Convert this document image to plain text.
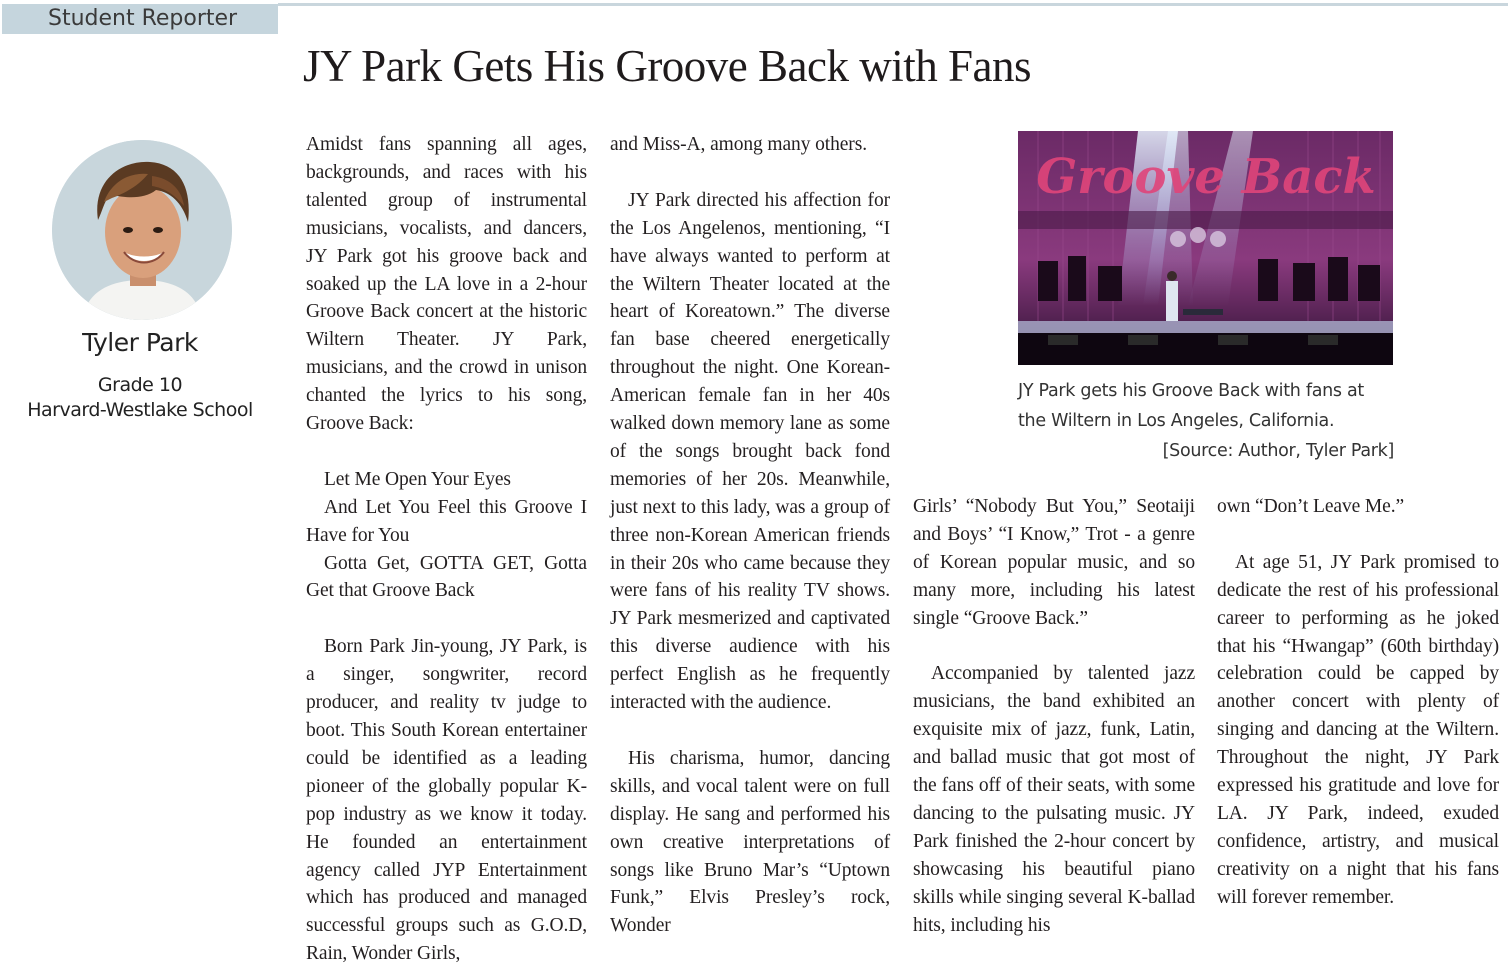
Student Reporter
JY Park Gets His Groove Back with Fans
Tyler Park
Grade 10
Harvard-Westlake School

Amidst fans spanning all ages, backgrounds, and races with his talented group of instrumental musicians, vocalists, and dancers, JY Park got his groove back and soaked up the LA love in a 2-hour Groove Back concert at the historic Wiltern Theater. JY Park, musicians, and the crowd in unison chanted the lyrics to his song, Groove Back:

Let Me Open Your Eyes
And Let You Feel this Groove I Have for You
Gotta Get, GOTTA GET, Gotta Get that Groove Back

Born Park Jin-young, JY Park, is a singer, songwriter, record producer, and reality tv judge to boot. This South Korean entertainer could be identified as a leading pioneer of the globally popular K-pop industry as we know it today. He founded an entertainment agency called JYP Entertainment which has produced and managed successful groups such as G.O.D, Rain, Wonder Girls,

and Miss-A, among many others.

JY Park directed his affection for the Los Angelenos, mentioning, “I have always wanted to perform at the Wiltern Theater located at the heart of Koreatown.” The diverse fan base cheered energetically throughout the night. One Korean-American female fan in her 40s walked down memory lane as some of the songs brought back fond memories of her 20s. Meanwhile, just next to this lady, was a group of three non-Korean American friends in their 20s who came because they were fans of his reality TV shows. JY Park mesmerized and captivated this diverse audience with his perfect English as he frequently interacted with the audience.

His charisma, humor, dancing skills, and vocal talent were on full display. He sang and performed his own creative interpretations of songs like Bruno Mar’s “Uptown Funk,” Elvis Presley’s rock, Wonder

Groove Back
JY Park gets his Groove Back with fans at the Wiltern in Los Angeles, California.
[Source: Author, Tyler Park]

Girls’ “Nobody But You,” Seotaiji and Boys’ “I Know,” Trot - a genre of Korean popular music, and so many more, including his latest single “Groove Back.”

Accompanied by talented jazz musicians, the band exhibited an exquisite mix of jazz, funk, Latin, and ballad music that got most of the fans off of their seats, with some dancing to the pulsating music. JY Park finished the 2-hour concert by showcasing his beautiful piano skills while singing several K-ballad hits, including his

own “Don’t Leave Me.”

At age 51, JY Park promised to dedicate the rest of his professional career to performing as he joked that his “Hwangap” (60th birthday) celebration could be capped by another concert with plenty of singing and dancing at the Wiltern. Throughout the night, JY Park expressed his gratitude and love for LA. JY Park, indeed, exuded confidence, artistry, and musical creativity on a night that his fans will forever remember.
